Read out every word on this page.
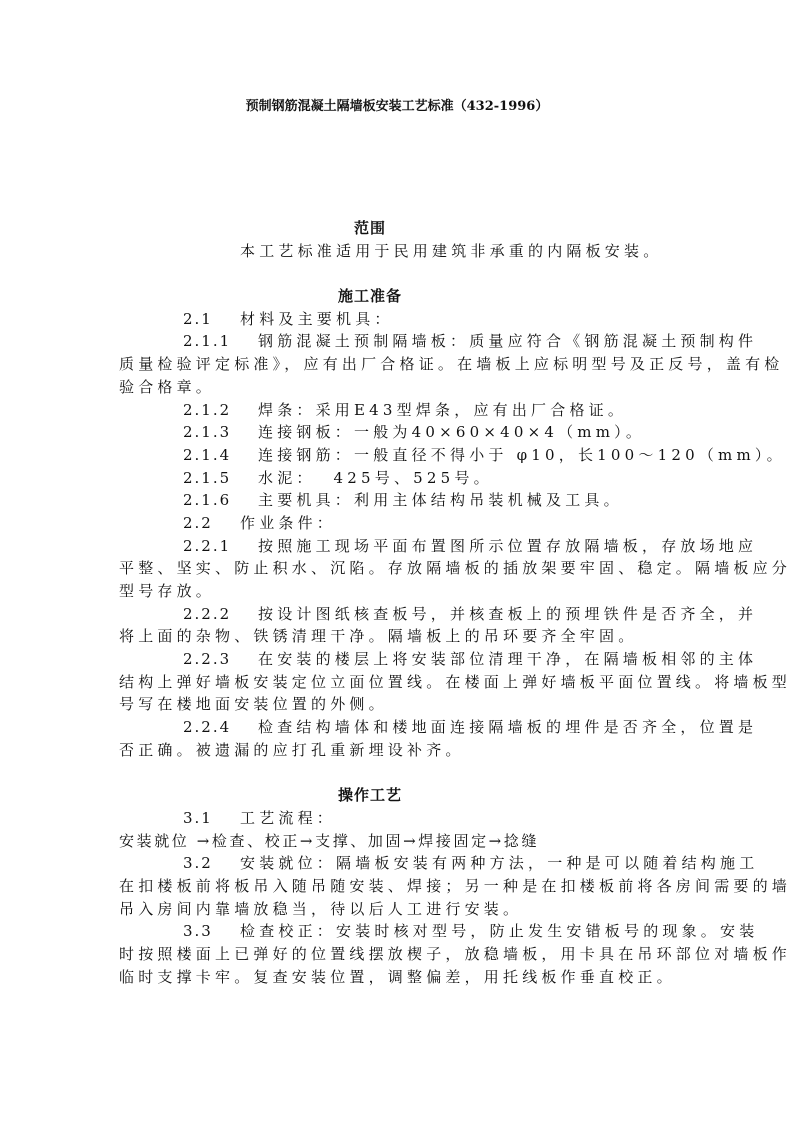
预制钢筋混凝土隔墙板安装工艺标准（432-1996）
范围
本工艺标准适用于民用建筑非承重的内隔板安装。
施工准备
2.1 材料及主要机具：
2.1.1 钢筋混凝土预制隔墙板：质量应符合《钢筋混凝土预制构件
质量检验评定标准》，应有出厂合格证。在墙板上应标明型号及正反号，盖有检
验合格章。
2.1.2 焊条：采用E43型焊条，应有出厂合格证。
2.1.3 连接钢板：一般为40×60×40×4（mm）。
2.1.4 连接钢筋：一般直径不得小于 φ10，长100～120（mm）。
2.1.5 水泥：  425号、525号。
2.1.6 主要机具：利用主体结构吊装机械及工具。
2.2 作业条件：
2.2.1 按照施工现场平面布置图所示位置存放隔墙板，存放场地应
平整、坚实、防止积水、沉陷。存放隔墙板的插放架要牢固、稳定。隔墙板应分
型号存放。
2.2.2 按设计图纸核查板号，并核查板上的预埋铁件是否齐全，并
将上面的杂物、铁锈清理干净。隔墙板上的吊环要齐全牢固。
2.2.3 在安装的楼层上将安装部位清理干净，在隔墙板相邻的主体
结构上弹好墙板安装定位立面位置线。在楼面上弹好墙板平面位置线。将墙板型
号写在楼地面安装位置的外侧。
2.2.4 检查结构墙体和楼地面连接隔墙板的埋件是否齐全，位置是
否正确。被遗漏的应打孔重新埋设补齐。
操作工艺
3.1 工艺流程：
安装就位 →检查、校正→支撑、加固→焊接固定→捻缝
3.2 安装就位：隔墙板安装有两种方法，一种是可以随着结构施工
在扣楼板前将板吊入随吊随安装、焊接；另一种是在扣楼板前将各房间需要的墙
吊入房间内靠墙放稳当，待以后人工进行安装。
3.3 检查校正：安装时核对型号，防止发生安错板号的现象。安装
时按照楼面上已弹好的位置线摆放楔子，放稳墙板，用卡具在吊环部位对墙板作
临时支撑卡牢。复查安装位置，调整偏差，用托线板作垂直校正。
